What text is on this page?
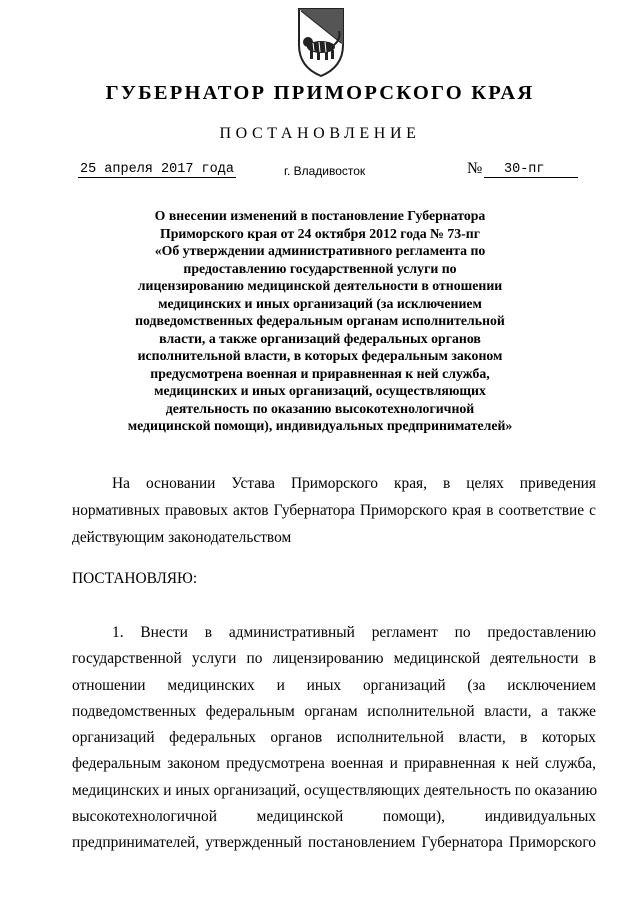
ГУБЕРНАТОР ПРИМОРСКОГО КРАЯ
ПОСТАНОВЛЕНИЕ
25 апреля 2017 года	г. Владивосток	№	30-пг
О внесении изменений в постановление Губернатора
Приморского края от 24 октября 2012 года № 73-пг
«Об утверждении административного регламента по
предоставлению государственной услуги по
лицензированию медицинской деятельности в отношении
медицинских и иных организаций (за исключением
подведомственных федеральным органам исполнительной
власти, а также организаций федеральных органов
исполнительной власти, в которых федеральным законом
предусмотрена военная и приравненная к ней служба,
медицинских и иных организаций, осуществляющих
деятельность по оказанию высокотехнологичной
медицинской помощи), индивидуальных предпринимателей»
На основании Устава Приморского края, в целях приведения
нормативных правовых актов Губернатора Приморского края в соответствие с
действующим законодательством
ПОСТАНОВЛЯЮ:
1. Внести в административный регламент по предоставлению
государственной услуги по лицензированию медицинской деятельности в
отношении медицинских и иных организаций (за исключением
подведомственных федеральным органам исполнительной власти, а также
организаций федеральных органов исполнительной власти, в которых
федеральным законом предусмотрена военная и приравненная к ней служба,
медицинских и иных организаций, осуществляющих деятельность по оказанию
высокотехнологичной медицинской помощи), индивидуальных
предпринимателей, утвержденный постановлением Губернатора Приморского
